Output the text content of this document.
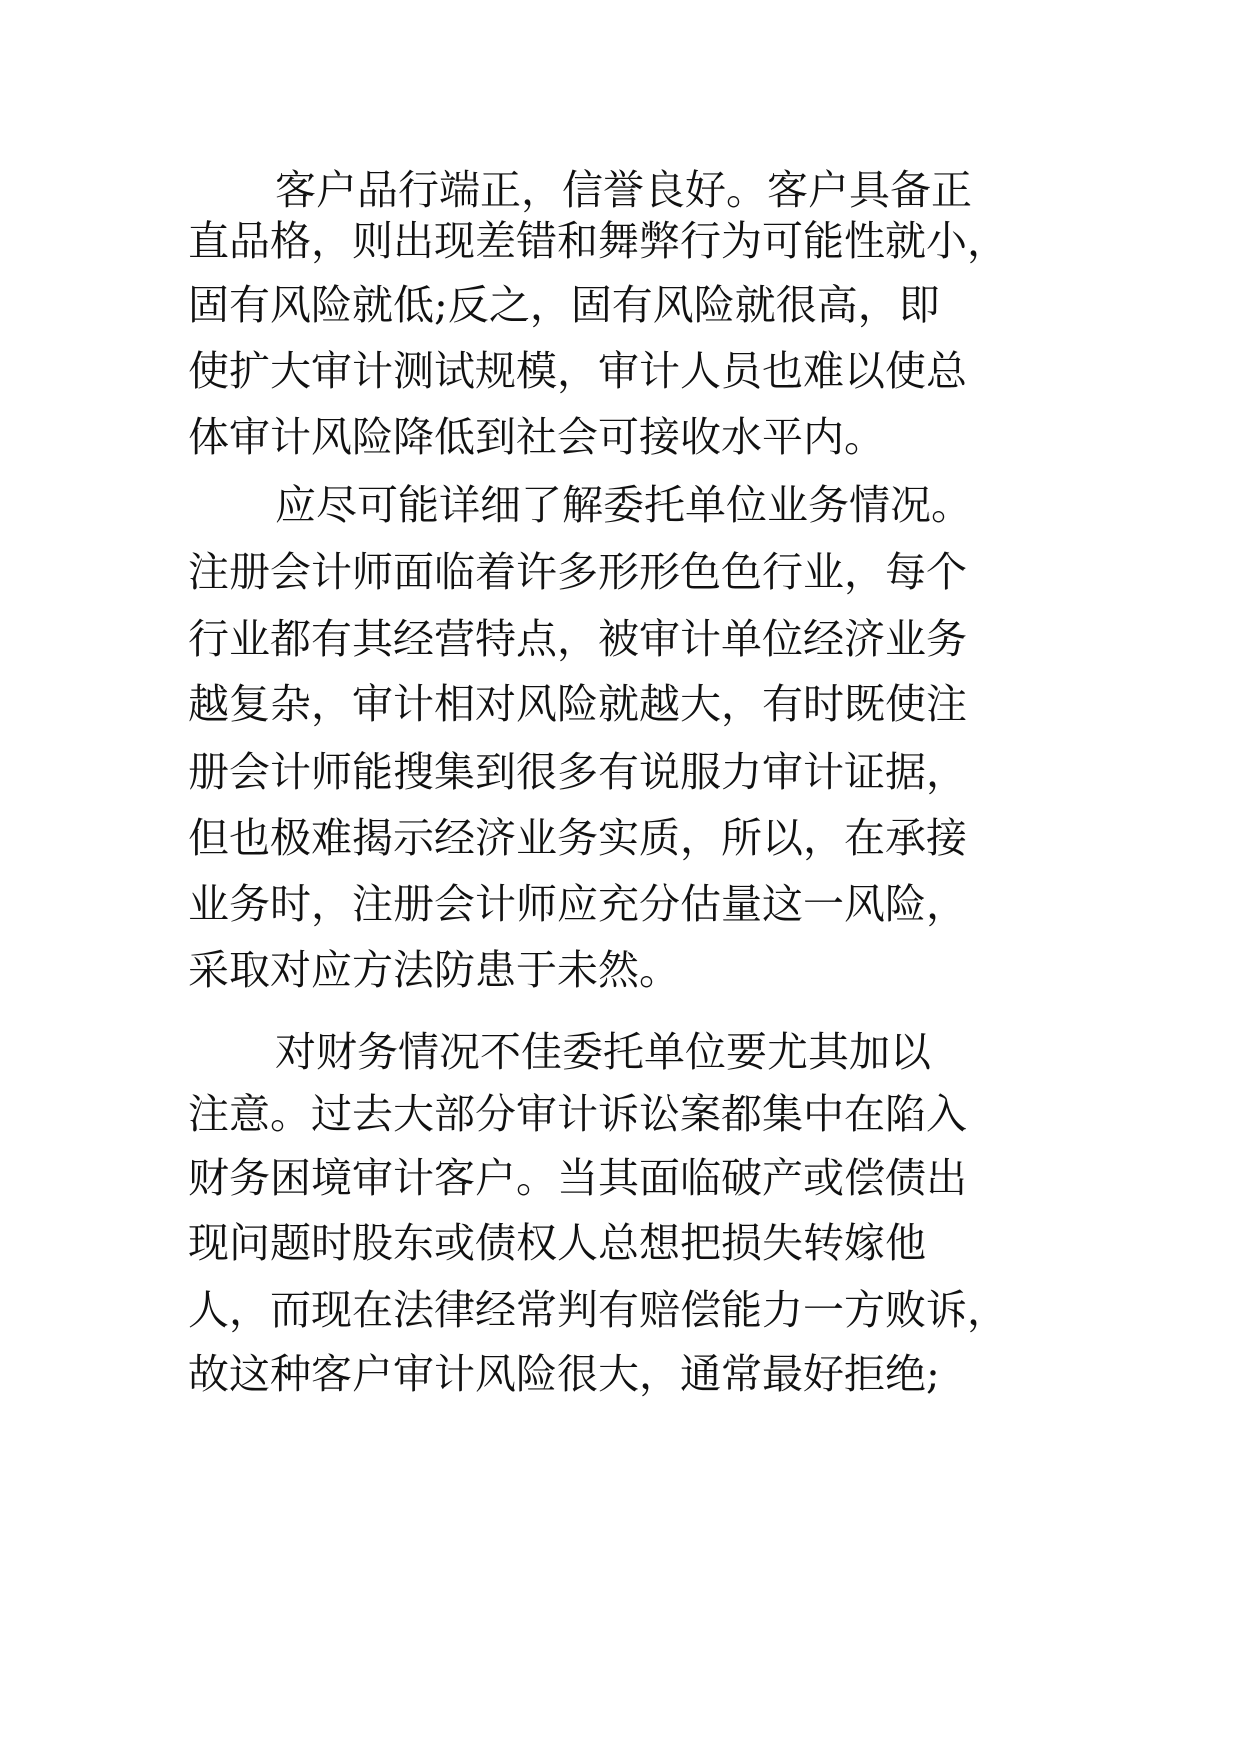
客户品行端正，信誉良好。客户具备正

直品格，则出现差错和舞弊行为可能性就小，

固有风险就低;反之，固有风险就很高，即

使扩大审计测试规模，审计人员也难以使总

体审计风险降低到社会可接收水平内。

应尽可能详细了解委托单位业务情况。

注册会计师面临着许多形形色色行业，每个

行业都有其经营特点，被审计单位经济业务

越复杂，审计相对风险就越大，有时既使注

册会计师能搜集到很多有说服力审计证据，

但也极难揭示经济业务实质，所以，在承接

业务时，注册会计师应充分估量这一风险，

采取对应方法防患于未然。

对财务情况不佳委托单位要尤其加以

注意。过去大部分审计诉讼案都集中在陷入

财务困境审计客户。当其面临破产或偿债出

现问题时股东或债权人总想把损失转嫁他

人，而现在法律经常判有赔偿能力一方败诉，

故这种客户审计风险很大，通常最好拒绝;
